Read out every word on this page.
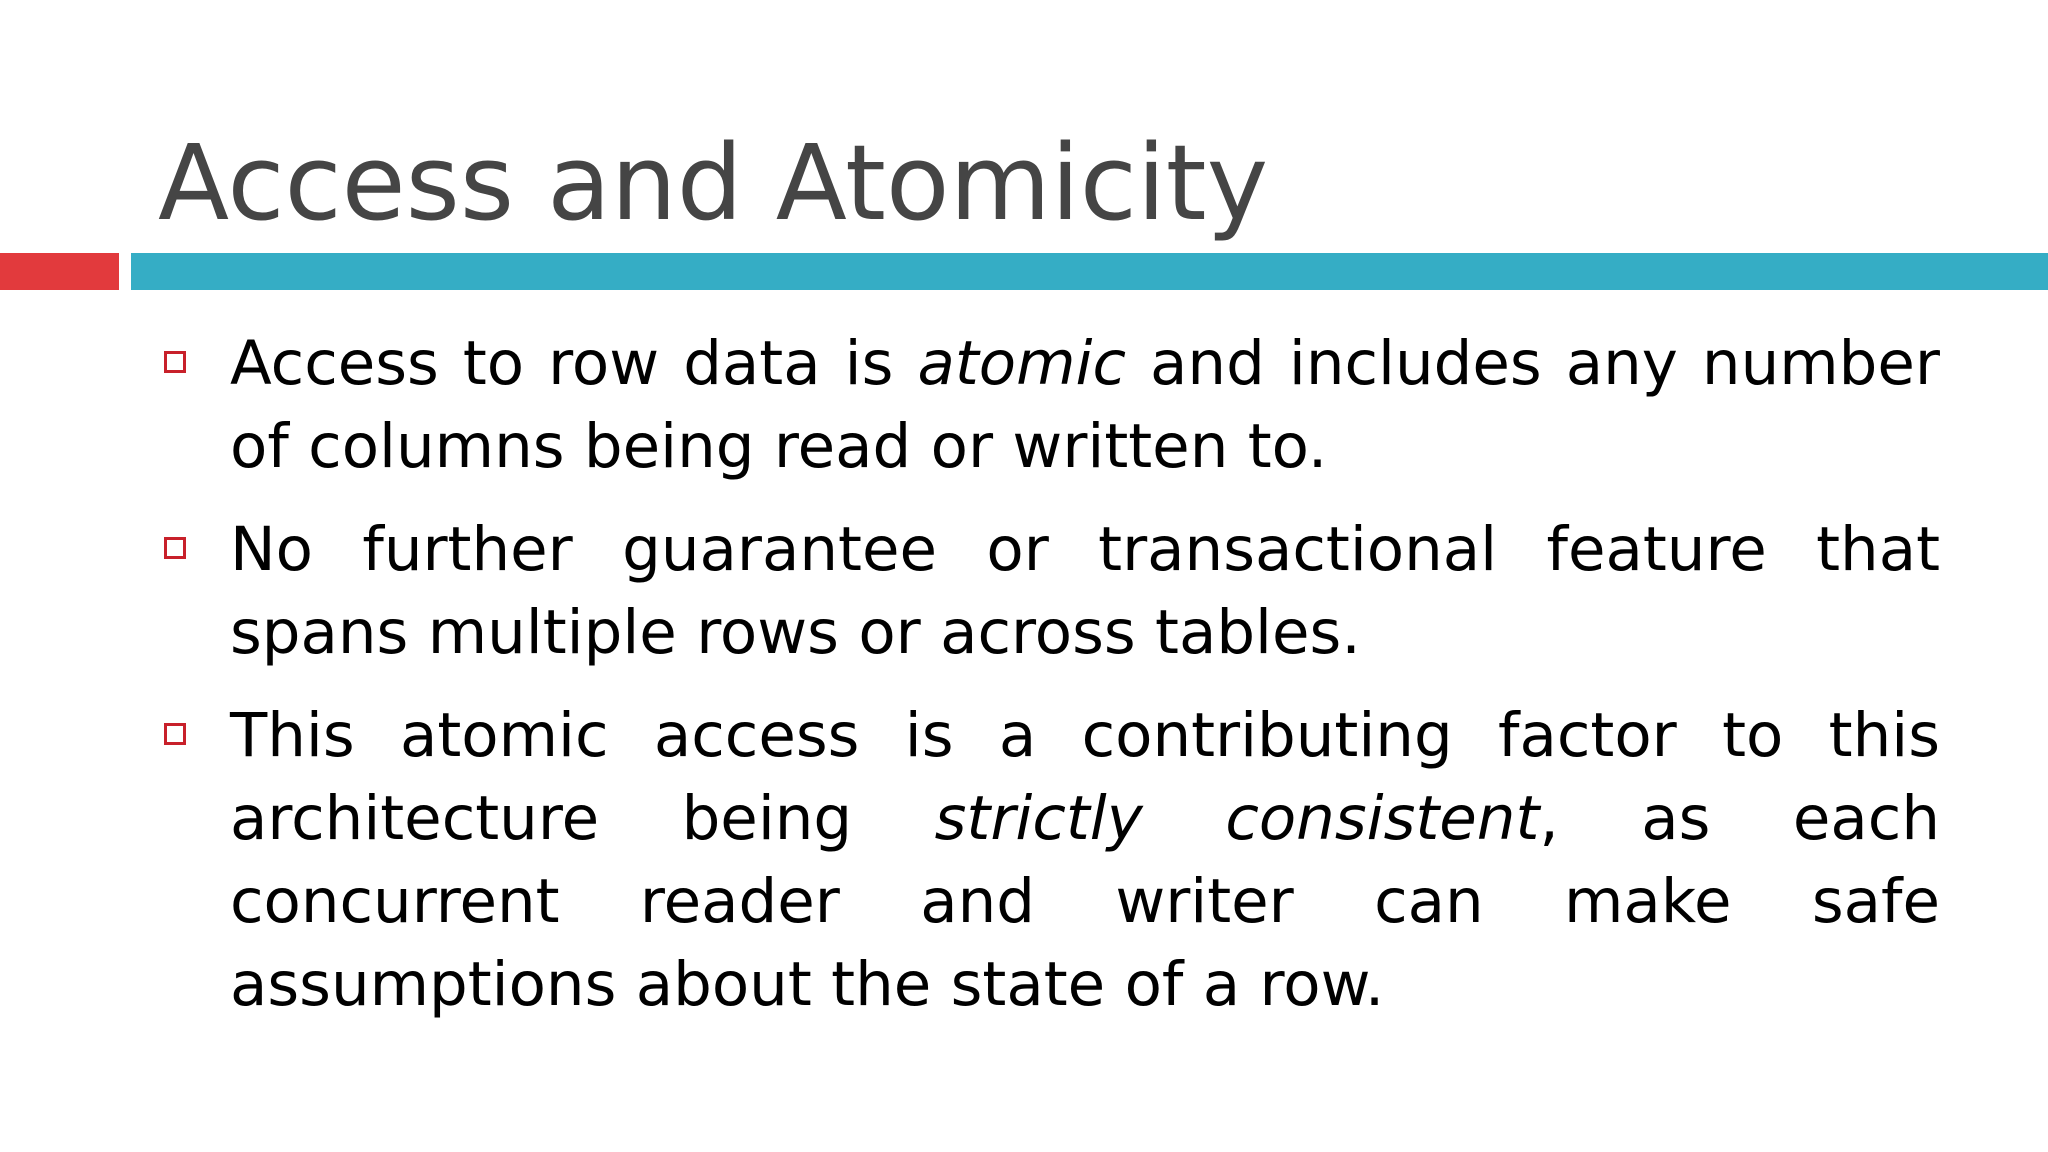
Access and Atomicity
Access to row data is atomic and includes any number of columns being read or written to.
No further guarantee or transactional feature that spans multiple rows or across tables.
This atomic access is a contributing factor to this architecture being strictly consistent, as each concurrent reader and writer can make safe assumptions about the state of a row.
